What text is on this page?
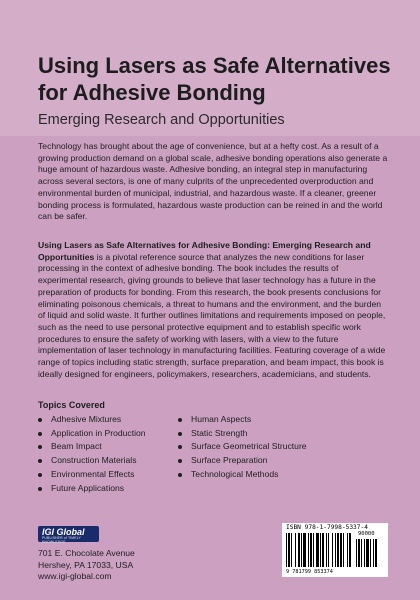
Using Lasers as Safe Alternatives for Adhesive Bonding
Emerging Research and Opportunities

Technology has brought about the age of convenience, but at a hefty cost. As a result of a growing production demand on a global scale, adhesive bonding operations also generate a huge amount of hazardous waste. Adhesive bonding, an integral step in manufacturing across several sectors, is one of many culprits of the unprecedented overproduction and environmental burden of municipal, industrial, and hazardous waste. If a cleaner, greener bonding process is formulated, hazardous waste production can be reined in and the world can be safer.

Using Lasers as Safe Alternatives for Adhesive Bonding: Emerging Research and Opportunities is a pivotal reference source that analyzes the new conditions for laser processing in the context of adhesive bonding. The book includes the results of experimental research, giving grounds to believe that laser technology has a future in the preparation of products for bonding. From this research, the book presents conclusions for eliminating poisonous chemicals, a threat to humans and the environment, and the burden of liquid and solid waste. It further outlines limitations and requirements imposed on people, such as the need to use personal protective equipment and to establish specific work procedures to ensure the safety of working with lasers, with a view to the future implementation of laser technology in manufacturing facilities. Featuring coverage of a wide range of topics including static strength, surface preparation, and beam impact, this book is ideally designed for engineers, policymakers, researchers, academicians, and students.

Topics Covered
Adhesive Mixtures
Application in Production
Beam Impact
Construction Materials
Environmental Effects
Future Applications
Human Aspects
Static Strength
Surface Geometrical Structure
Surface Preparation
Technological Methods
IGI Global
PUBLISHER of TIMELY KNOWLEDGE
701 E. Chocolate Avenue
Hershey, PA 17033, USA
www.igi-global.com
ISBN 978-1-7998-5337-4
90000
9 781799 853374
